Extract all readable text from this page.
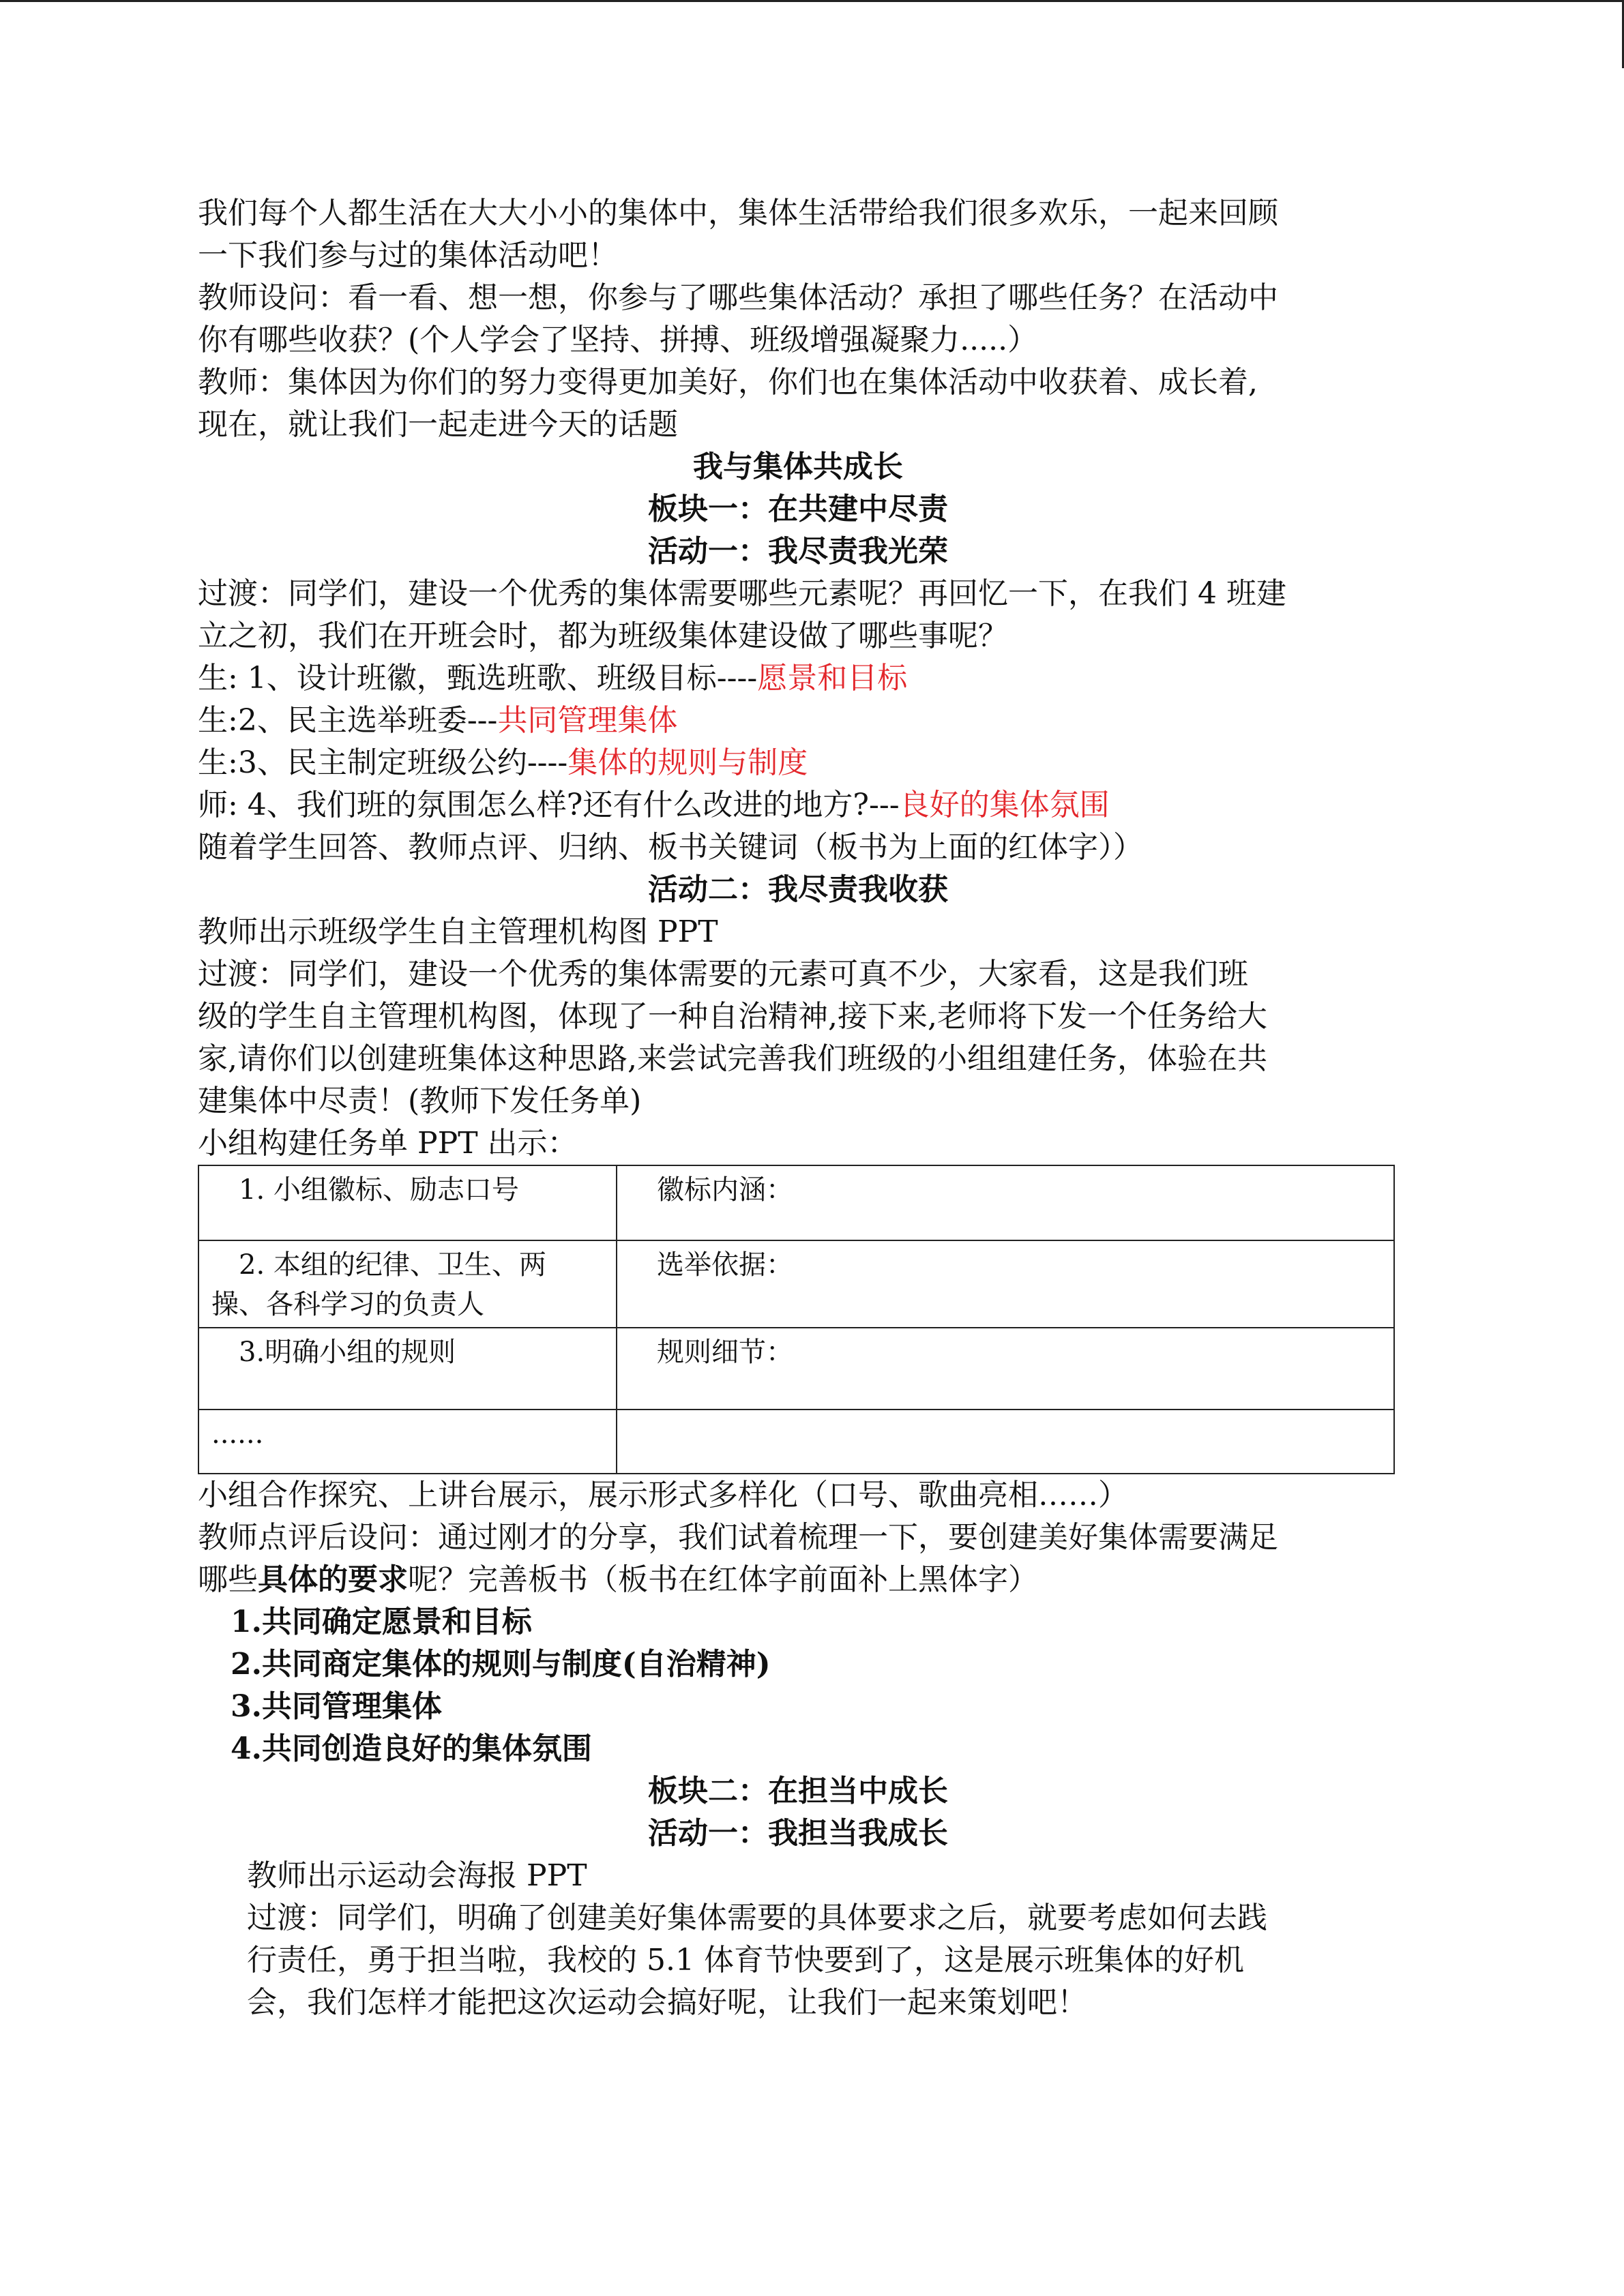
我们每个人都生活在大大小小的集体中，集体生活带给我们很多欢乐，一起来回顾

一下我们参与过的集体活动吧！

教师设问：看一看、想一想，你参与了哪些集体活动？承担了哪些任务？在活动中

你有哪些收获？(个人学会了坚持、拼搏、班级增强凝聚力.....）

教师：集体因为你们的努力变得更加美好，你们也在集体活动中收获着、成长着,

现在，就让我们一起走进今天的话题

我与集体共成长

板块一：在共建中尽责

活动一：我尽责我光荣

过渡：同学们，建设一个优秀的集体需要哪些元素呢？再回忆一下，在我们 4 班建

立之初，我们在开班会时，都为班级集体建设做了哪些事呢？

生: 1、设计班徽，甄选班歌、班级目标----愿景和目标

生:2、民主选举班委---共同管理集体

生:3、民主制定班级公约----集体的规则与制度

师: 4、我们班的氛围怎么样?还有什么改进的地方?---良好的集体氛围

随着学生回答、教师点评、归纳、板书关键词（板书为上面的红体字））

活动二：我尽责我收获

教师出示班级学生自主管理机构图 PPT

过渡：同学们，建设一个优秀的集体需要的元素可真不少，大家看，这是我们班

级的学生自主管理机构图，体现了一种自治精神,接下来,老师将下发一个任务给大

家,请你们以创建班集体这种思路,来尝试完善我们班级的小组组建任务，体验在共

建集体中尽责！(教师下发任务单)

小组构建任务单 PPT 出示：

1. 小组徽标、励志口号	徽标内涵：

2. 本组的纪律、卫生、两
操、各科学习的负责人	选举依据：

3.明确小组的规则	规则细节：

......	

小组合作探究、上讲台展示，展示形式多样化（口号、歌曲亮相……）

教师点评后设问：通过刚才的分享，我们试着梳理一下，要创建美好集体需要满足

哪些具体的要求呢？完善板书（板书在红体字前面补上黑体字）

1.共同确定愿景和目标

2.共同商定集体的规则与制度(自治精神)

3.共同管理集体

4.共同创造良好的集体氛围

板块二：在担当中成长

活动一：我担当我成长

教师出示运动会海报 PPT

过渡：同学们，明确了创建美好集体需要的具体要求之后，就要考虑如何去践

行责任，勇于担当啦，我校的 5.1 体育节快要到了，这是展示班集体的好机

会，我们怎样才能把这次运动会搞好呢，让我们一起来策划吧！
